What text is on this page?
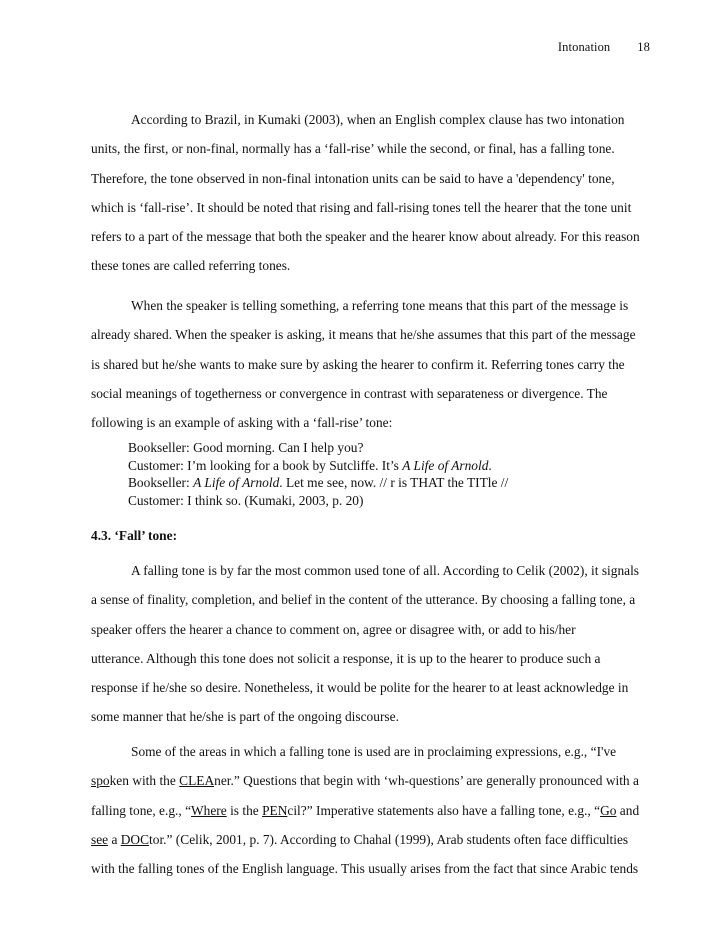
Intonation 18
According to Brazil, in Kumaki (2003), when an English complex clause has two intonation
units, the first, or non-final, normally has a ‘fall-rise’ while the second, or final, has a falling tone.
Therefore, the tone observed in non-final intonation units can be said to have a 'dependency' tone,
which is ‘fall-rise’. It should be noted that rising and fall-rising tones tell the hearer that the tone unit
refers to a part of the message that both the speaker and the hearer know about already. For this reason
these tones are called referring tones.
When the speaker is telling something, a referring tone means that this part of the message is
already shared. When the speaker is asking, it means that he/she assumes that this part of the message
is shared but he/she wants to make sure by asking the hearer to confirm it. Referring tones carry the
social meanings of togetherness or convergence in contrast with separateness or divergence. The
following is an example of asking with a ‘fall-rise’ tone:
Bookseller: Good morning. Can I help you?
Customer: I’m looking for a book by Sutcliffe. It’s A Life of Arnold.
Bookseller: A Life of Arnold. Let me see, now. // r is THAT the TITle //
Customer: I think so. (Kumaki, 2003, p. 20)
4.3. ‘Fall’ tone:
A falling tone is by far the most common used tone of all. According to Celik (2002), it signals
a sense of finality, completion, and belief in the content of the utterance. By choosing a falling tone, a
speaker offers the hearer a chance to comment on, agree or disagree with, or add to his/her
utterance. Although this tone does not solicit a response, it is up to the hearer to produce such a
response if he/she so desire. Nonetheless, it would be polite for the hearer to at least acknowledge in
some manner that he/she is part of the ongoing discourse.
Some of the areas in which a falling tone is used are in proclaiming expressions, e.g., “I've
spoken with the CLEAner.” Questions that begin with ‘wh-questions’ are generally pronounced with a
falling tone, e.g., “Where is the PENcil?” Imperative statements also have a falling tone, e.g., “Go and
see a DOCtor.” (Celik, 2001, p. 7). According to Chahal (1999), Arab students often face difficulties
with the falling tones of the English language. This usually arises from the fact that since Arabic tends
